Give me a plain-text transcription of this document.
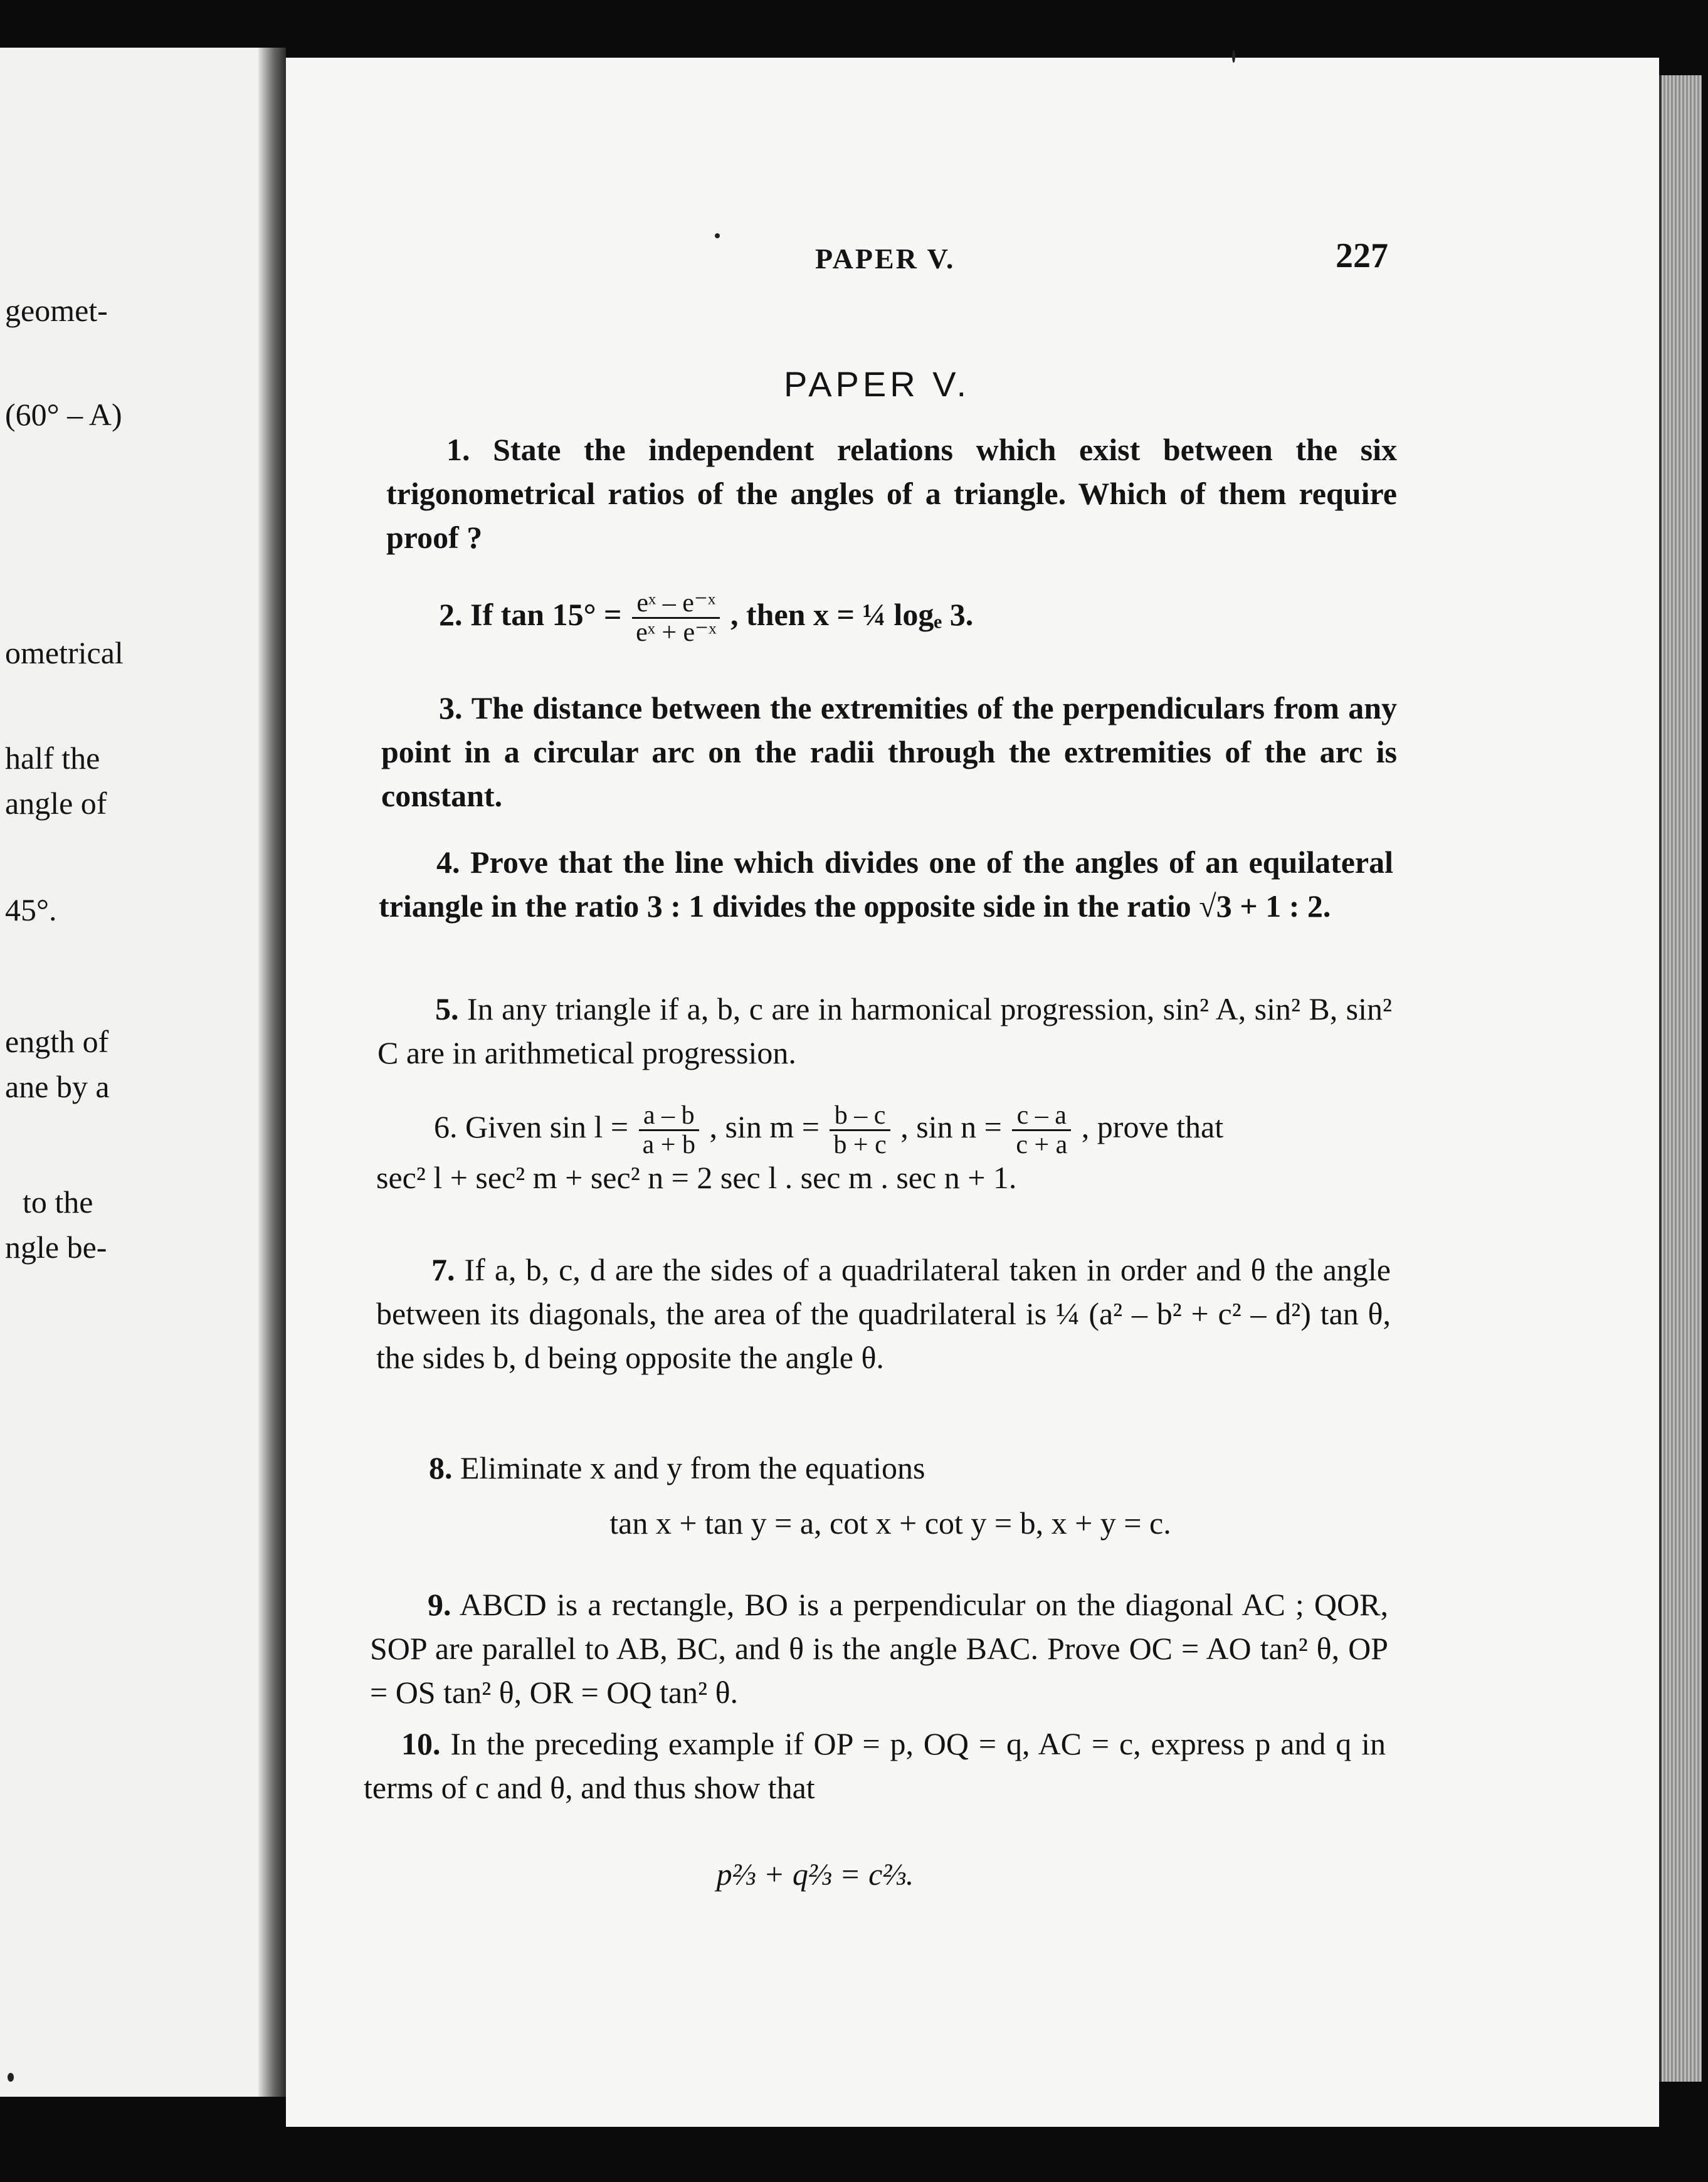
geomet-
(60° – A)
ometrical
half the
angle of
45°.
ength of
ane by a
to the
ngle be-
PAPER V.	227
PAPER V.
1. State the independent relations which exist between the six trigonometrical ratios of the angles of a triangle. Which of them require proof ?
2. If $\tan 15^\circ = \frac{\text{eˣ – e⁻ˣ}}{\text{eˣ + e⁻ˣ}}$ , then x = ¼ logₑ 3.
3. The distance between the extremities of the perpendiculars from any point in a circular arc on the radii through the extremities of the arc is constant.
4. Prove that the line which divides one of the angles of an equilateral triangle in the ratio 3 : 1 divides the opposite side in the ratio √3 + 1 : 2.
5. In any triangle if a, b, c are in harmonical progression, sin² A, sin² B, sin² C are in arithmetical progression.
6. Given $\sin l = \frac{a - b}{a + b}$ , $\sin m = \frac{b - c}{b + c}$ , $\sin n = \frac{c - a}{c + a}$ , prove that
sec² l + sec² m + sec² n = 2 sec l . sec m . sec n + 1.
7. If a, b, c, d are the sides of a quadrilateral taken in order and θ the angle between its diagonals, the area of the quadrilateral is ¼ (a² – b² + c² – d²) tan θ, the sides b, d being opposite the angle θ.
8. Eliminate x and y from the equations
tan x + tan y = a, cot x + cot y = b, x + y = c.
9. ABCD is a rectangle, BO is a perpendicular on the diagonal AC ; QOR, SOP are parallel to AB, BC, and θ is the angle BAC. Prove OC = AO tan² θ, OP = OS tan² θ, OR = OQ tan² θ.
10. In the preceding example if OP = p, OQ = q, AC = c, express p and q in terms of c and θ, and thus show that
p⅔ + q⅔ = c⅔.
